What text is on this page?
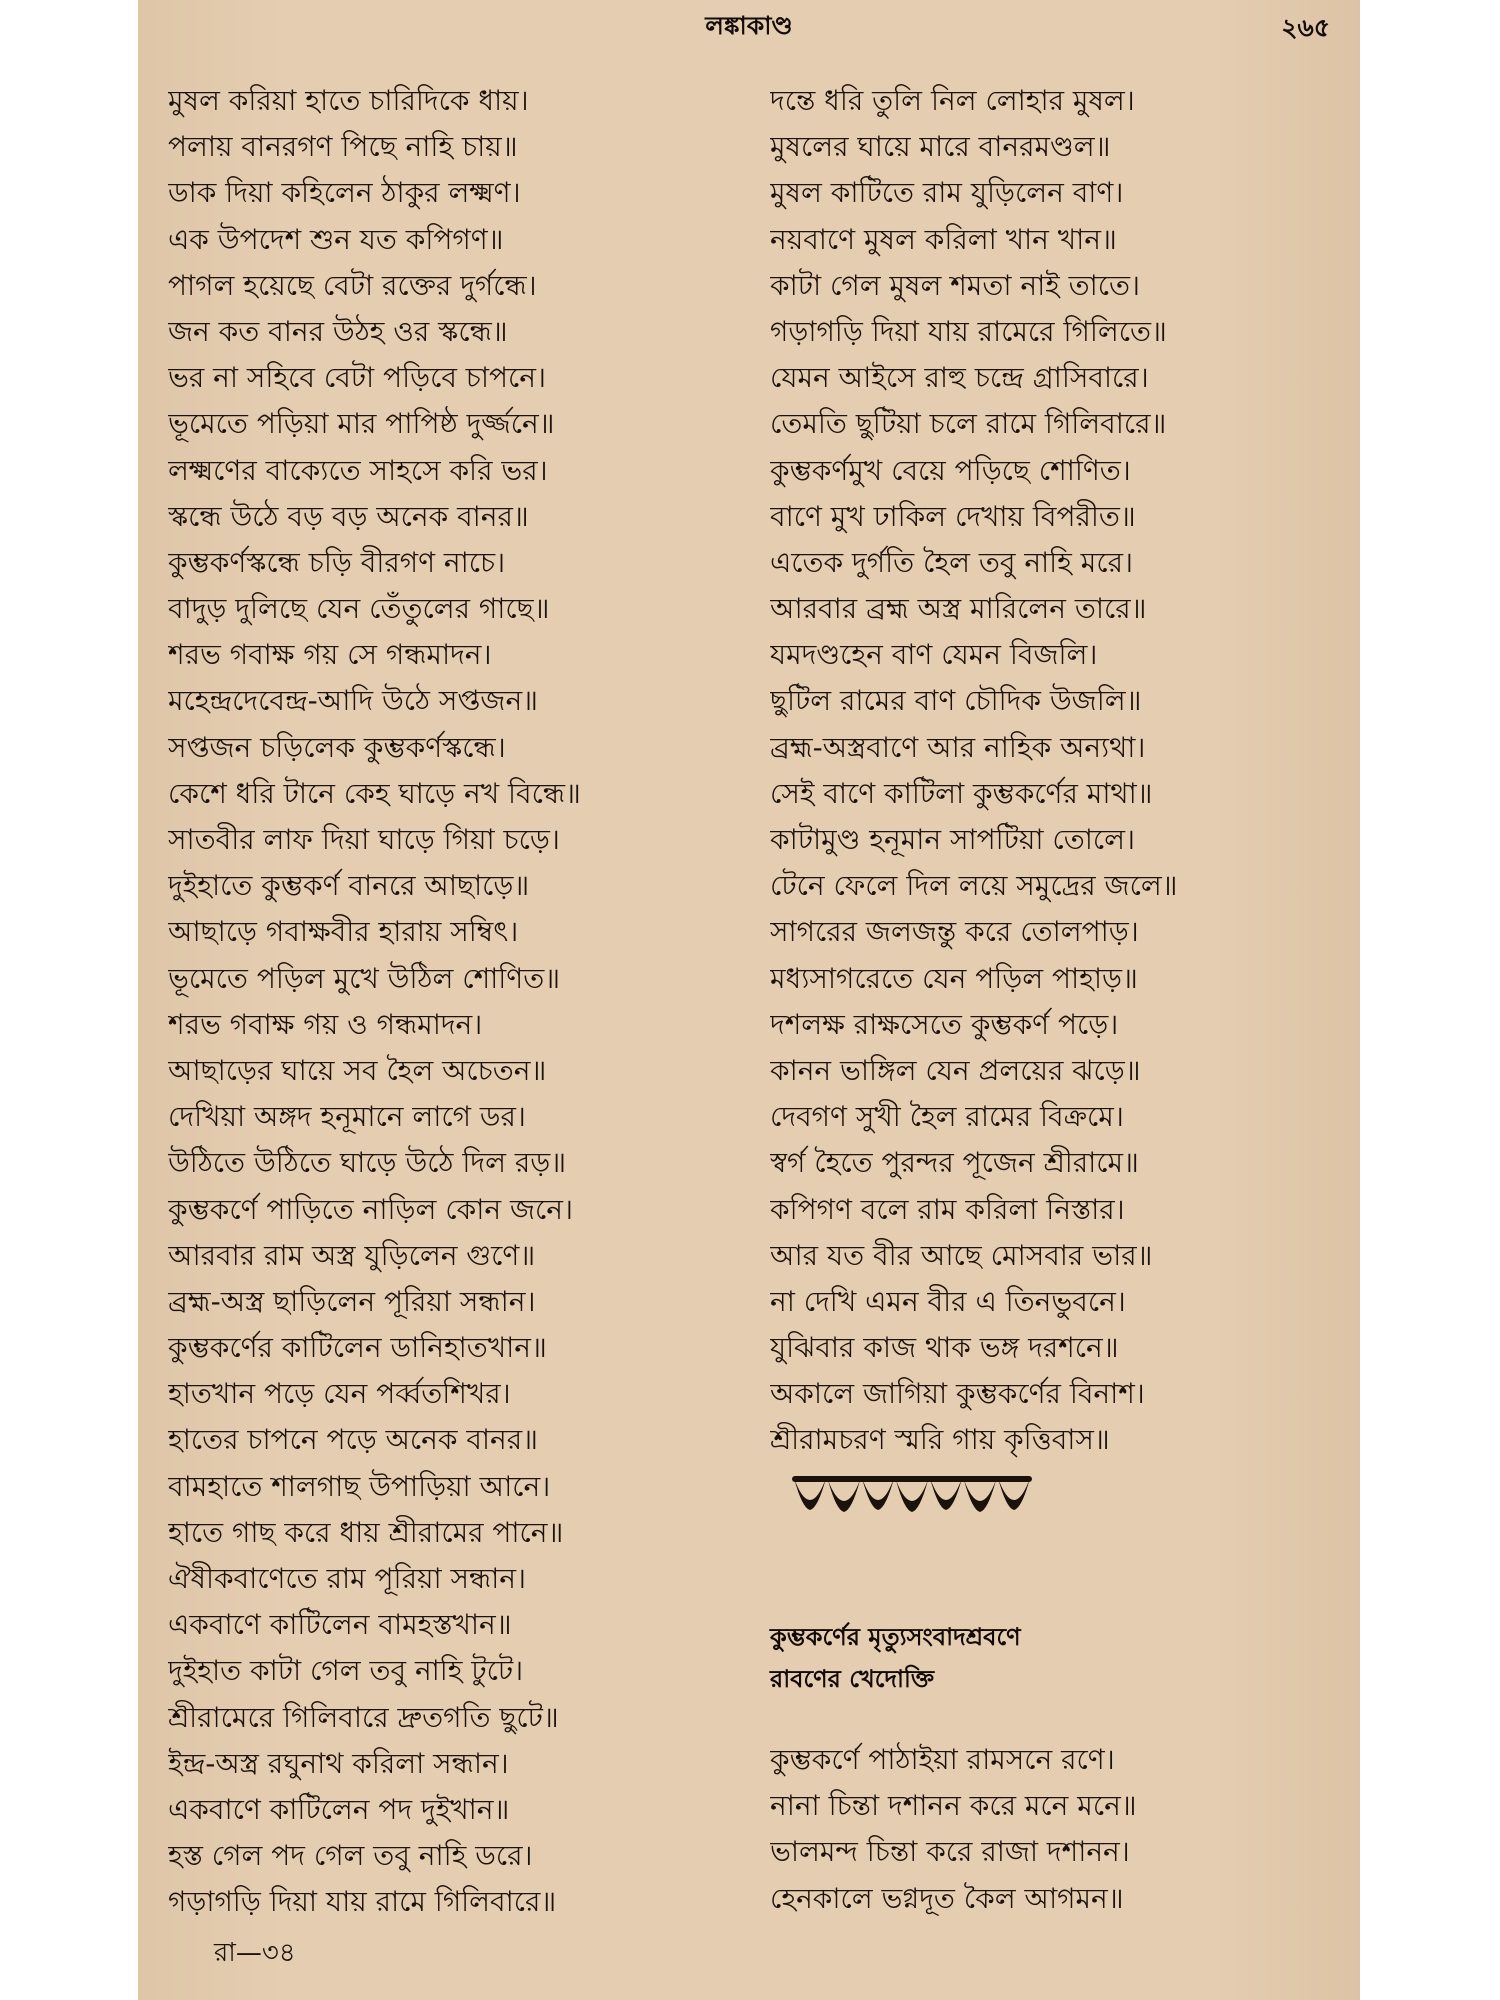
লঙ্কাকাণ্ড	২৬৫
মুষল করিয়া হাতে চারিদিকে ধায়।
পলায় বানরগণ পিছে নাহি চায়॥
ডাক দিয়া কহিলেন ঠাকুর লক্ষ্মণ।
এক উপদেশ শুন যত কপিগণ॥
পাগল হয়েছে বেটা রক্তের দুর্গন্ধে।
জন কত বানর উঠহ ওর স্কন্ধে॥
ভর না সহিবে বেটা পড়িবে চাপনে।
ভূমেতে পড়িয়া মার পাপিষ্ঠ দুর্জ্জনে॥
লক্ষ্মণের বাক্যেতে সাহসে করি ভর।
স্কন্ধে উঠে বড় বড় অনেক বানর॥
কুম্ভকর্ণস্কন্ধে চড়ি বীরগণ নাচে।
বাদুড় দুলিছে যেন তেঁতুলের গাছে॥
শরভ গবাক্ষ গয় সে গন্ধমাদন।
মহেন্দ্রদেবেন্দ্র-আদি উঠে সপ্তজন॥
সপ্তজন চড়িলেক কুম্ভকর্ণস্কন্ধে।
কেশে ধরি টানে কেহ ঘাড়ে নখ বিন্ধে॥
সাতবীর লাফ দিয়া ঘাড়ে গিয়া চড়ে।
দুইহাতে কুম্ভকর্ণ বানরে আছাড়ে॥
আছাড়ে গবাক্ষবীর হারায় সম্বিৎ।
ভূমেতে পড়িল মুখে উঠিল শোণিত॥
শরভ গবাক্ষ গয় ও গন্ধমাদন।
আছাড়ের ঘায়ে সব হৈল অচেতন॥
দেখিয়া অঙ্গদ হনূমানে লাগে ডর।
উঠিতে উঠিতে ঘাড়ে উঠে দিল রড়॥
কুম্ভকর্ণে পাড়িতে নাড়িল কোন জনে।
আরবার রাম অস্ত্র যুড়িলেন গুণে॥
ব্রহ্ম-অস্ত্র ছাড়িলেন পূরিয়া সন্ধান।
কুম্ভকর্ণের কাটিলেন ডানিহাতখান॥
হাতখান পড়ে যেন পর্ব্বতশিখর।
হাতের চাপনে পড়ে অনেক বানর॥
বামহাতে শালগাছ উপাড়িয়া আনে।
হাতে গাছ করে ধায় শ্রীরামের পানে॥
ঐষীকবাণেতে রাম পূরিয়া সন্ধান।
একবাণে কাটিলেন বামহস্তখান॥
দুইহাত কাটা গেল তবু নাহি টুটে।
শ্রীরামেরে গিলিবারে দ্রুতগতি ছুটে॥
ইন্দ্র-অস্ত্র রঘুনাথ করিলা সন্ধান।
একবাণে কাটিলেন পদ দুইখান॥
হস্ত গেল পদ গেল তবু নাহি ডরে।
গড়াগড়ি দিয়া যায় রামে গিলিবারে॥
দন্তে ধরি তুলি নিল লোহার মুষল।
মুষলের ঘায়ে মারে বানরমণ্ডল॥
মুষল কাটিতে রাম যুড়িলেন বাণ।
নয়বাণে মুষল করিলা খান খান॥
কাটা গেল মুষল শমতা নাই তাতে।
গড়াগড়ি দিয়া যায় রামেরে গিলিতে॥
যেমন আইসে রাহু চন্দ্রে গ্রাসিবারে।
তেমতি ছুটিয়া চলে রামে গিলিবারে॥
কুম্ভকর্ণমুখ বেয়ে পড়িছে শোণিত।
বাণে মুখ ঢাকিল দেখায় বিপরীত॥
এতেক দুর্গতি হৈল তবু নাহি মরে।
আরবার ব্রহ্ম অস্ত্র মারিলেন তারে॥
যমদণ্ডহেন বাণ যেমন বিজলি।
ছুটিল রামের বাণ চৌদিক উজলি॥
ব্রহ্ম-অস্ত্রবাণে আর নাহিক অন্যথা।
সেই বাণে কাটিলা কুম্ভকর্ণের মাথা॥
কাটামুণ্ড হনূমান সাপটিয়া তোলে।
টেনে ফেলে দিল লয়ে সমুদ্রের জলে॥
সাগরের জলজন্তু করে তোলপাড়।
মধ্যসাগরেতে যেন পড়িল পাহাড়॥
দশলক্ষ রাক্ষসেতে কুম্ভকর্ণ পড়ে।
কানন ভাঙ্গিল যেন প্রলয়ের ঝড়ে॥
দেবগণ সুখী হৈল রামের বিক্রমে।
স্বর্গ হৈতে পুরন্দর পূজেন শ্রীরামে॥
কপিগণ বলে রাম করিলা নিস্তার।
আর যত বীর আছে মোসবার ভার॥
না দেখি এমন বীর এ তিনভুবনে।
যুঝিবার কাজ থাক ভঙ্গ দরশনে॥
অকালে জাগিয়া কুম্ভকর্ণের বিনাশ।
শ্রীরামচরণ স্মরি গায় কৃত্তিবাস॥
কুম্ভকর্ণের মৃত্যুসংবাদশ্রবণে
রাবণের খেদোক্তি
কুম্ভকর্ণে পাঠাইয়া রামসনে রণে।
নানা চিন্তা দশানন করে মনে মনে॥
ভালমন্দ চিন্তা করে রাজা দশানন।
হেনকালে ভগ্নদূত কৈল আগমন॥
রা—৩৪
